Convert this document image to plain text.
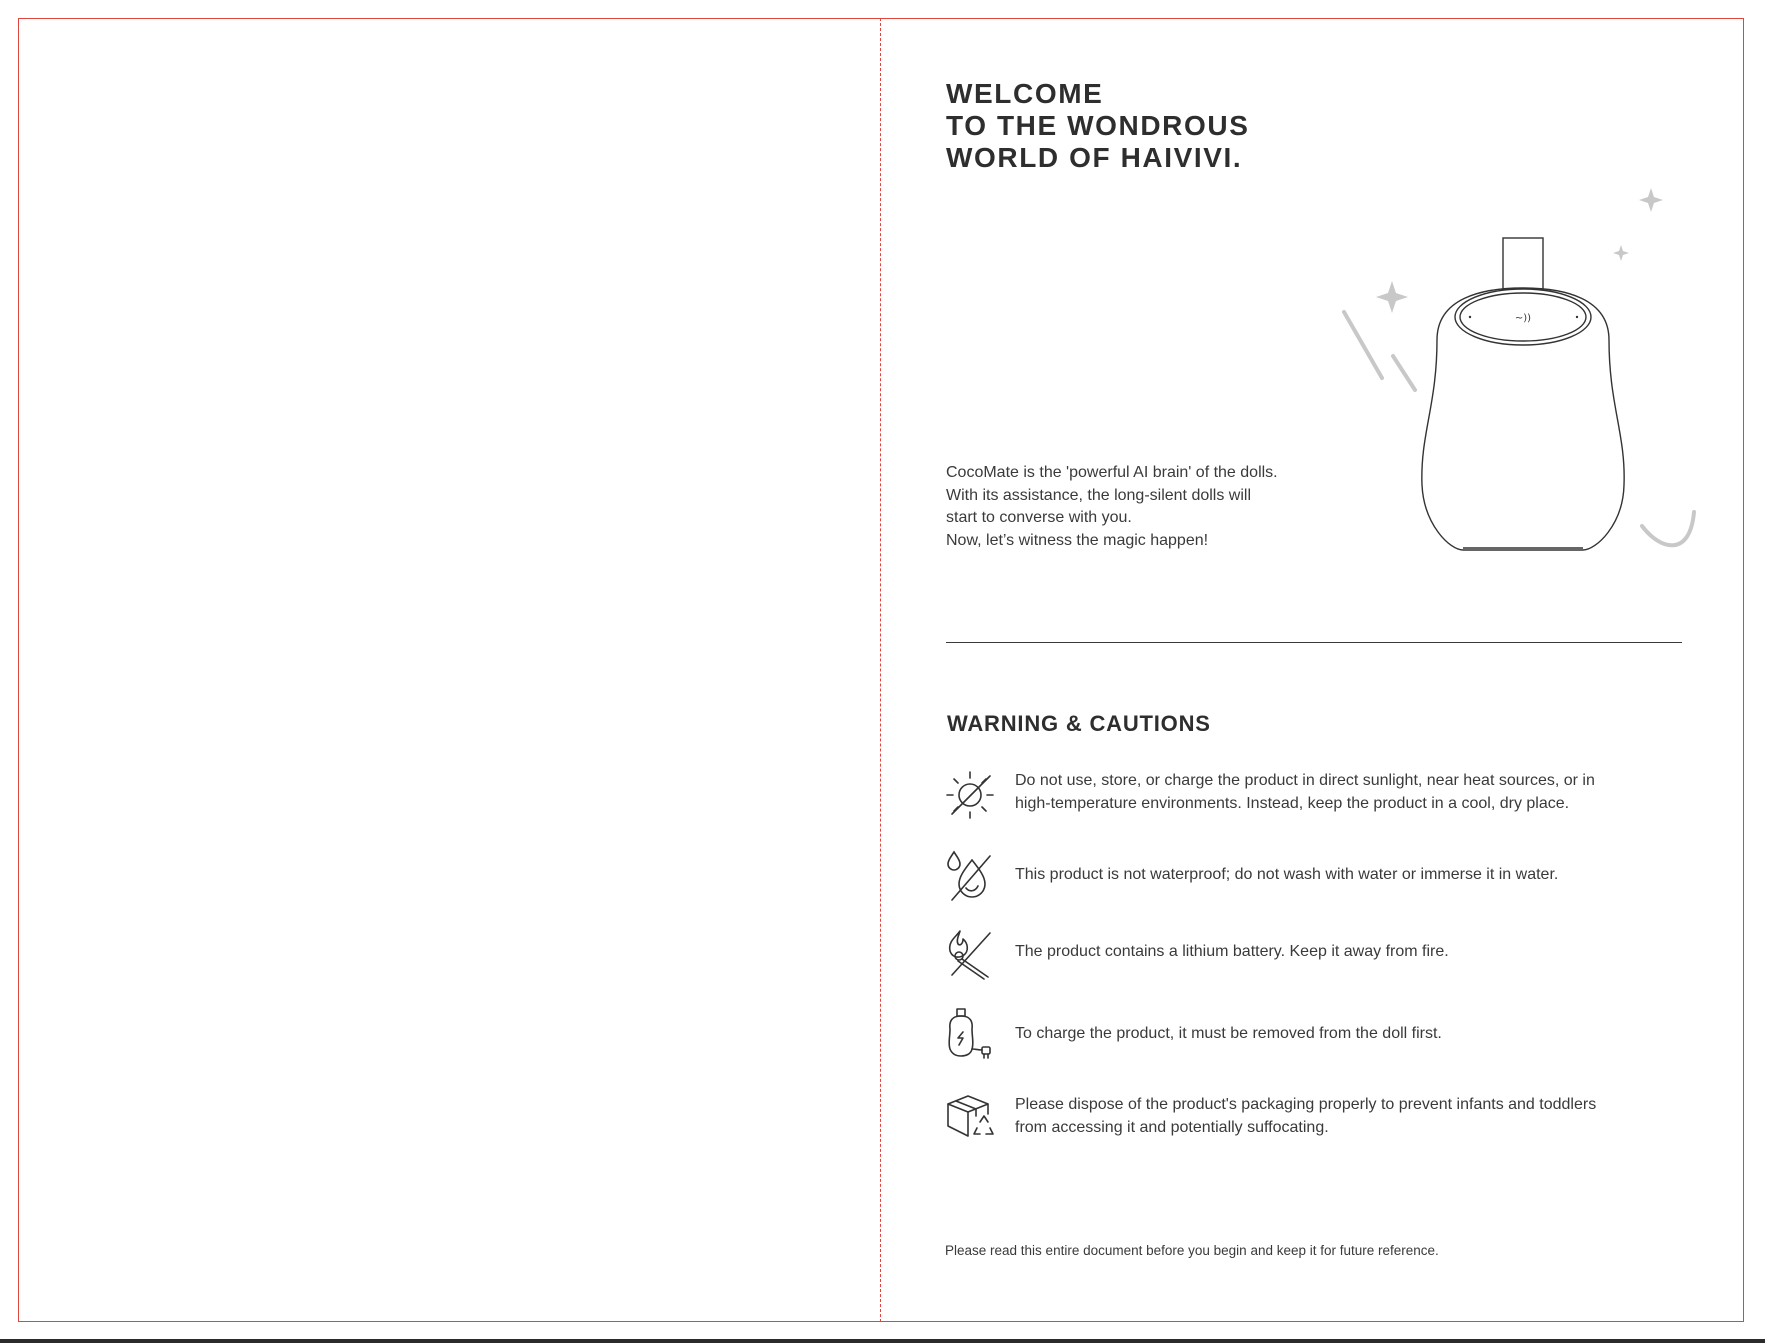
WELCOME
TO THE WONDROUS
WORLD OF HAIVIVI.
CocoMate is the 'powerful AI brain' of the dolls.
With its assistance, the long-silent dolls will
start to converse with you.
Now, let’s witness the magic happen!
~))
WARNING & CAUTIONS
Do not use, store, or charge the product in direct sunlight, near heat sources, or in
high-temperature environments. Instead, keep the product in a cool, dry place.
This product is not waterproof; do not wash with water or immerse it in water.
The product contains a lithium battery. Keep it away from fire.
To charge the product, it must be removed from the doll first.
Please dispose of the product's packaging properly to prevent infants and toddlers
from accessing it and potentially suffocating.
Please read this entire document before you begin and keep it for future reference.
